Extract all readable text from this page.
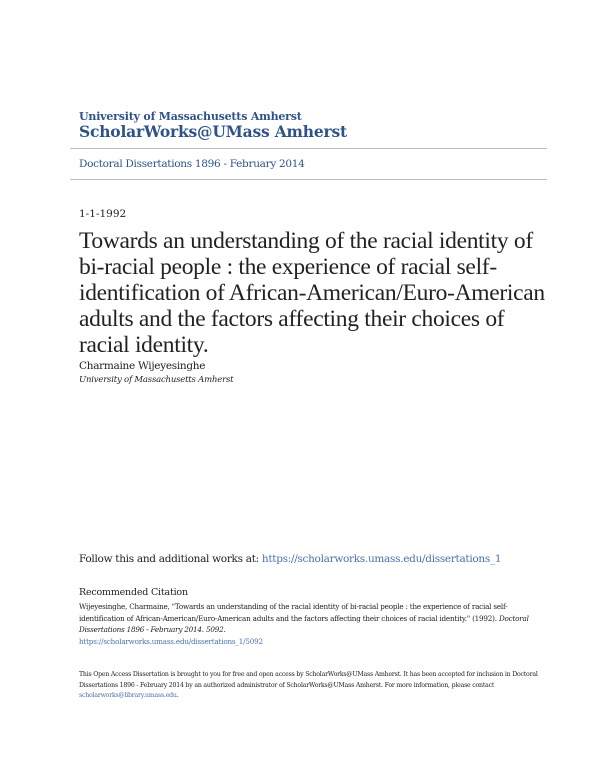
University of Massachusetts Amherst
ScholarWorks@UMass Amherst
Doctoral Dissertations 1896 - February 2014
1-1-1992
Towards an understanding of the racial identity of bi-racial people : the experience of racial self-identification of African-American/Euro-American adults and the factors affecting their choices of racial identity.
Charmaine Wijeyesinghe
University of Massachusetts Amherst
Follow this and additional works at: https://scholarworks.umass.edu/dissertations_1
Recommended Citation
Wijeyesinghe, Charmaine, "Towards an understanding of the racial identity of bi-racial people : the experience of racial self-identification of African-American/Euro-American adults and the factors affecting their choices of racial identity." (1992). Doctoral Dissertations 1896 - February 2014. 5092.
https://scholarworks.umass.edu/dissertations_1/5092
This Open Access Dissertation is brought to you for free and open access by ScholarWorks@UMass Amherst. It has been accepted for inclusion in Doctoral Dissertations 1896 - February 2014 by an authorized administrator of ScholarWorks@UMass Amherst. For more information, please contact
scholarworks@library.umass.edu.
